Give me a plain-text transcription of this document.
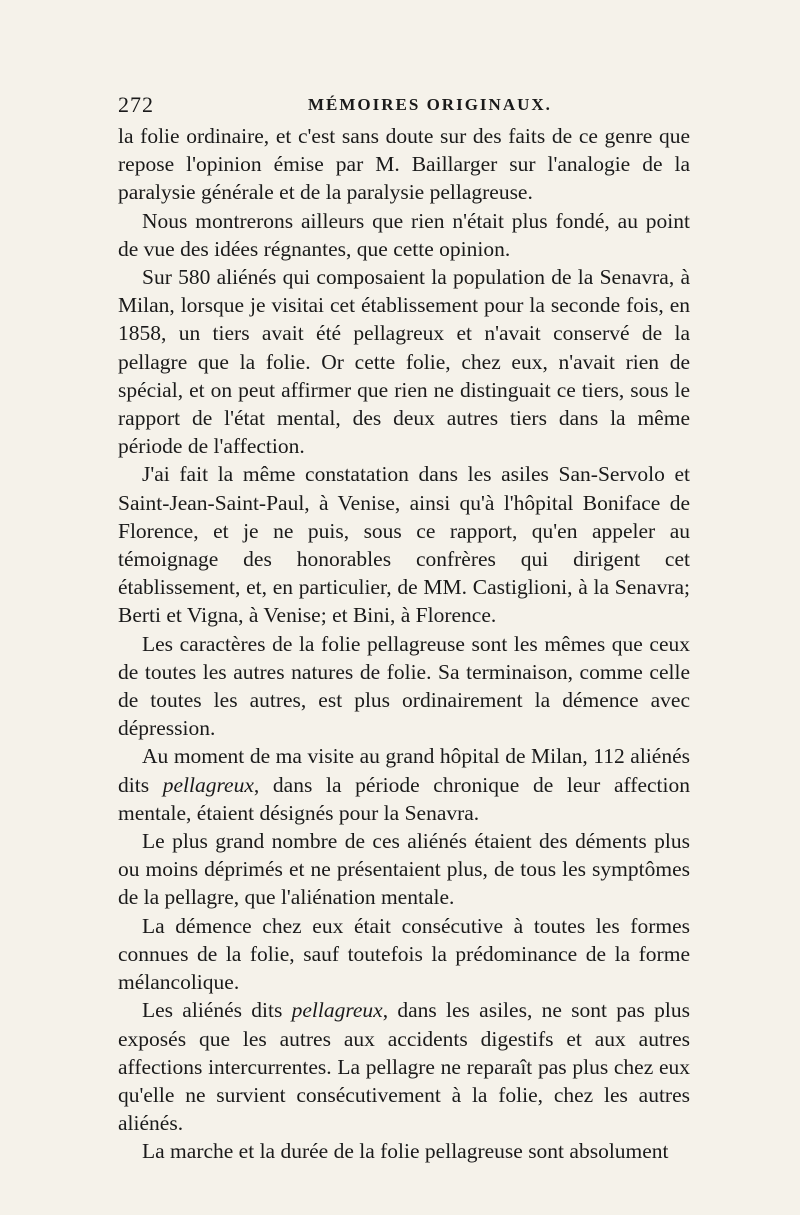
272	MÉMOIRES ORIGINAUX.

la folie ordinaire, et c'est sans doute sur des faits de ce genre que repose l'opinion émise par M. Baillarger sur l'analogie de la paralysie générale et de la paralysie pellagreuse.

Nous montrerons ailleurs que rien n'était plus fondé, au point de vue des idées régnantes, que cette opinion.

Sur 580 aliénés qui composaient la population de la Senavra, à Milan, lorsque je visitai cet établissement pour la seconde fois, en 1858, un tiers avait été pellagreux et n'avait conservé de la pellagre que la folie. Or cette folie, chez eux, n'avait rien de spécial, et on peut affirmer que rien ne distinguait ce tiers, sous le rapport de l'état mental, des deux autres tiers dans la même période de l'affection.

J'ai fait la même constatation dans les asiles San-Servolo et Saint-Jean-Saint-Paul, à Venise, ainsi qu'à l'hôpital Boniface de Florence, et je ne puis, sous ce rapport, qu'en appeler au témoignage des honorables confrères qui dirigent cet établissement, et, en particulier, de MM. Castiglioni, à la Senavra; Berti et Vigna, à Venise; et Bini, à Florence.

Les caractères de la folie pellagreuse sont les mêmes que ceux de toutes les autres natures de folie. Sa terminaison, comme celle de toutes les autres, est plus ordinairement la démence avec dépression.

Au moment de ma visite au grand hôpital de Milan, 112 aliénés dits pellagreux, dans la période chronique de leur affection mentale, étaient désignés pour la Senavra.

Le plus grand nombre de ces aliénés étaient des déments plus ou moins déprimés et ne présentaient plus, de tous les symptômes de la pellagre, que l'aliénation mentale.

La démence chez eux était consécutive à toutes les formes connues de la folie, sauf toutefois la prédominance de la forme mélancolique.

Les aliénés dits pellagreux, dans les asiles, ne sont pas plus exposés que les autres aux accidents digestifs et aux autres affections intercurrentes. La pellagre ne reparaît pas plus chez eux qu'elle ne survient consécutivement à la folie, chez les autres aliénés.

La marche et la durée de la folie pellagreuse sont absolument
